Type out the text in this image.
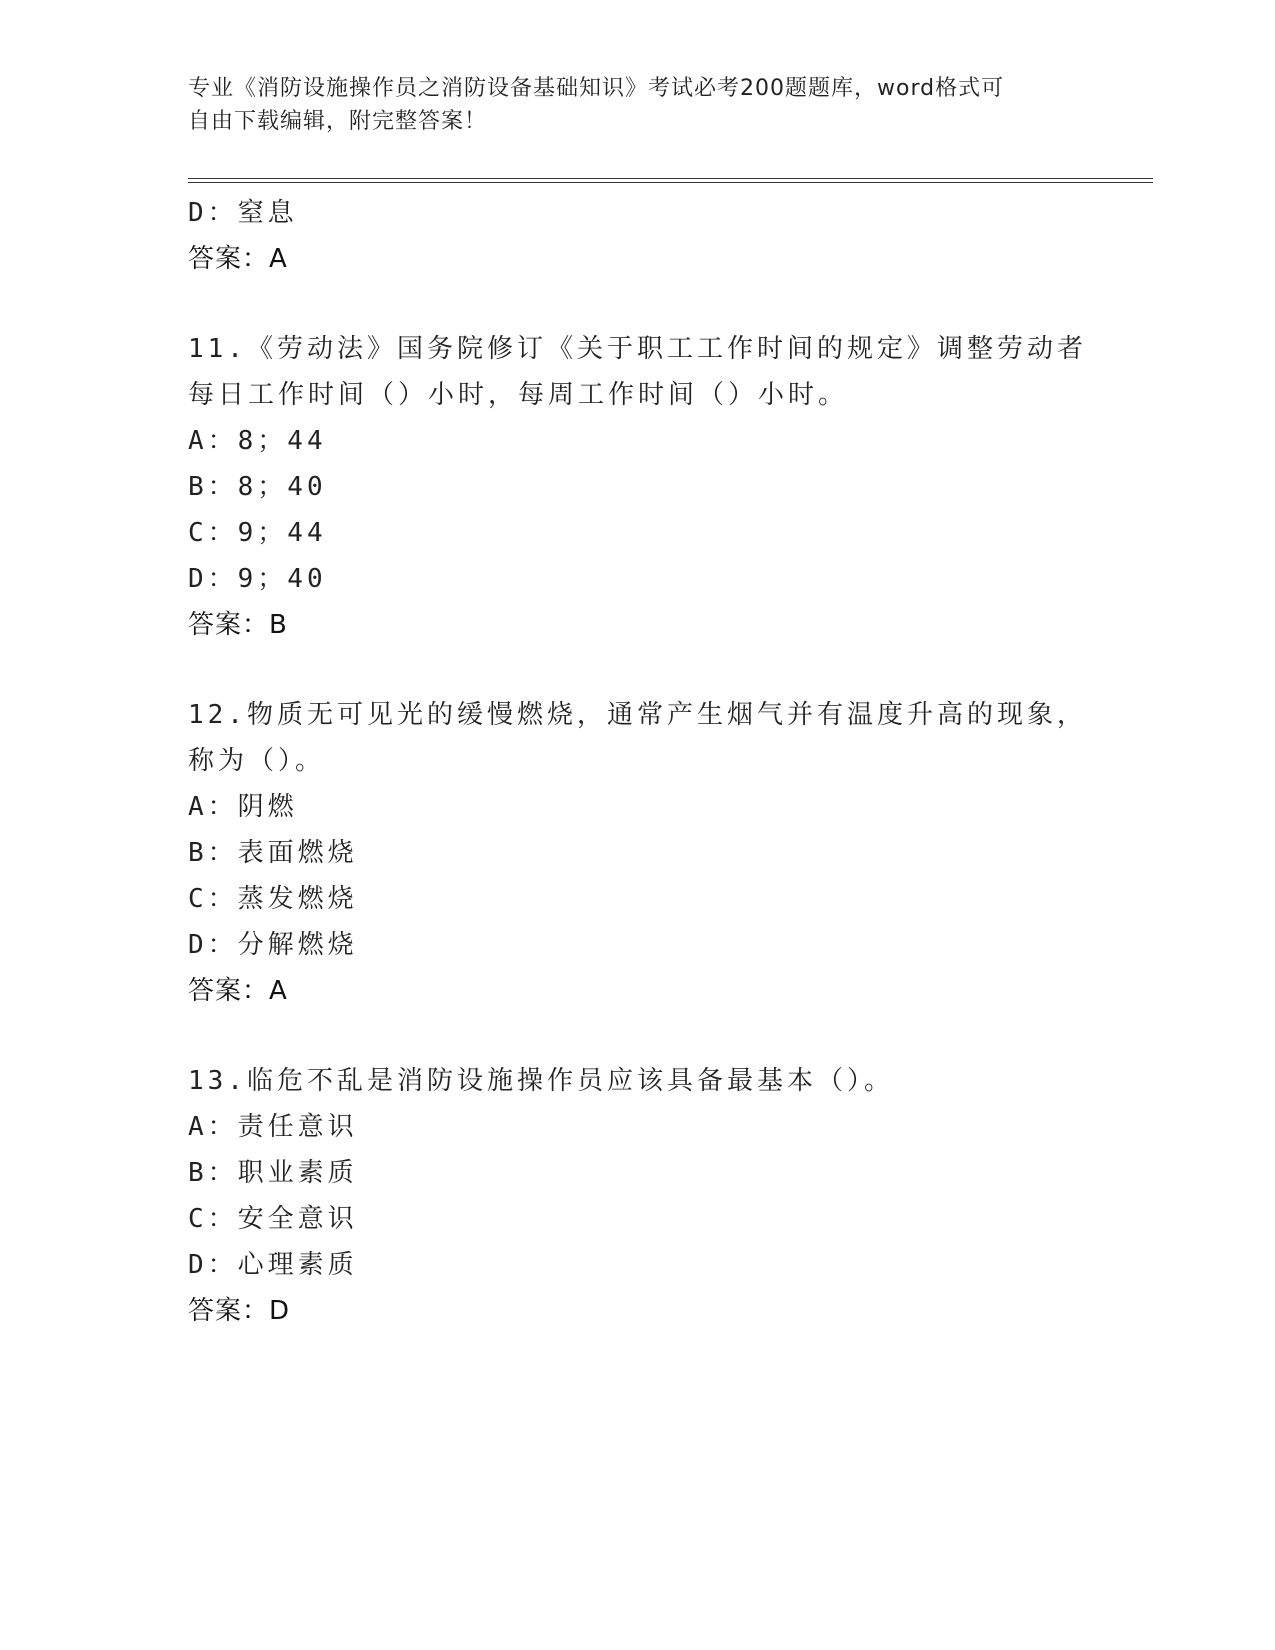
专业《消防设施操作员之消防设备基础知识》考试必考200题题库，word格式可
自由下载编辑，附完整答案！
D：窒息
答案：A
11.《劳动法》国务院修订《关于职工工作时间的规定》调整劳动者每日工作时间（）小时，每周工作时间（）小时。
A：8；44
B：8；40
C：9；44
D：9；40
答案：B
12.物质无可见光的缓慢燃烧，通常产生烟气并有温度升高的现象，称为（）。
A：阴燃
B：表面燃烧
C：蒸发燃烧
D：分解燃烧
答案：A
13.临危不乱是消防设施操作员应该具备最基本（）。
A：责任意识
B：职业素质
C：安全意识
D：心理素质
答案：D
